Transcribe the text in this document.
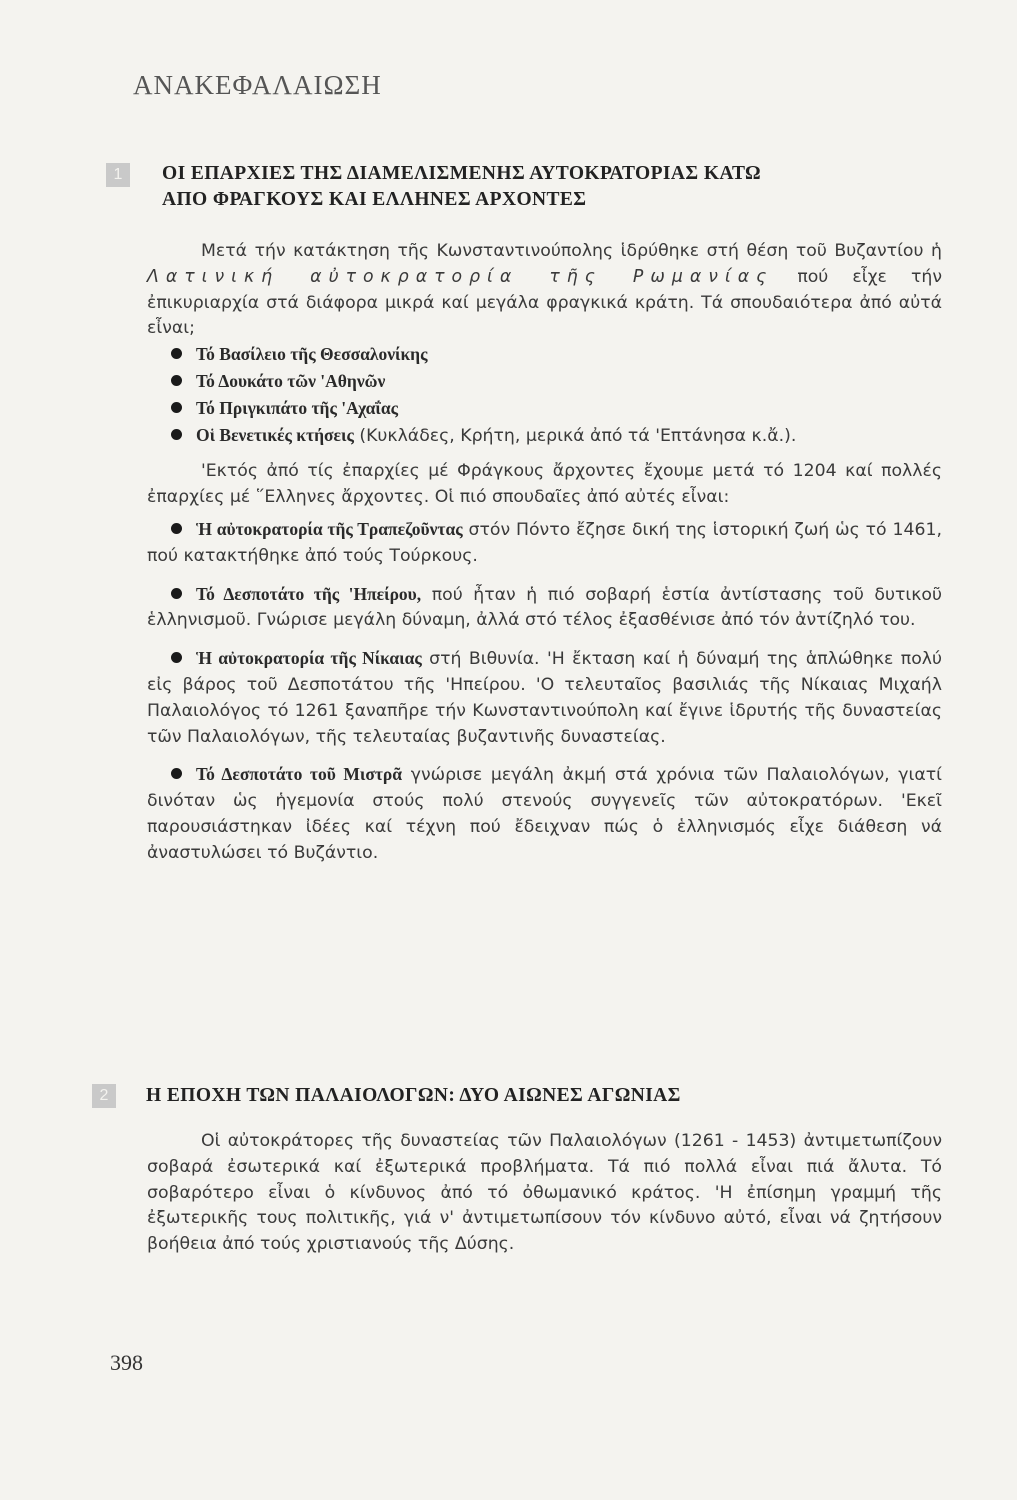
ΑΝΑΚΕΦΑΛΑΙΩΣΗ
1	ΟΙ ΕΠΑΡΧΙΕΣ ΤΗΣ ΔΙΑΜΕΛΙΣΜΕΝΗΣ ΑΥΤΟΚΡΑΤΟΡΙΑΣ ΚΑΤΩ
ΑΠΟ ΦΡΑΓΚΟΥΣ ΚΑΙ ΕΛΛΗΝΕΣ ΑΡΧΟΝΤΕΣ

Μετά τήν κατάκτηση τῆς Κωνσταντινούπολης ἱδρύθηκε στή θέση τοῦ Βυζαντίου ἡ Λατινική αὐτοκρατορία τῆς Ρωμανίας πού εἶχε τήν ἐπικυριαρχία στά διάφορα μικρά καί μεγάλα φραγκικά κράτη. Τά σπουδαιότερα ἀπό αὐτά εἶναι;

Τό Βασίλειο τῆς Θεσσαλονίκης

Τό Δουκάτο τῶν 'Αθηνῶν

Τό Πριγκιπάτο τῆς 'Αχαΐας

Οἱ Βενετικές κτήσεις (Κυκλάδες, Κρήτη, μερικά ἀπό τά 'Επτάνησα κ.ἄ.).

'Εκτός ἀπό τίς ἐπαρχίες μέ Φράγκους ἄρχοντες ἔχουμε μετά τό 1204 καί πολλές ἐπαρχίες μέ ῞Ελληνες ἄρχοντες. Οἱ πιό σπουδαῖες ἀπό αὐτές εἶναι:

Ἡ αὐτοκρατορία τῆς Τραπεζοῦντας στόν Πόντο ἔζησε δική της ἱστορική ζωή ὡς τό 1461, πού κατακτήθηκε ἀπό τούς Τούρκους.

Τό Δεσποτάτο τῆς 'Ηπείρου, πού ἦταν ἡ πιό σοβαρή ἑστία ἀντίστασης τοῦ δυτικοῦ ἑλληνισμοῦ. Γνώρισε μεγάλη δύναμη, ἀλλά στό τέλος ἐξασθένισε ἀπό τόν ἀντίζηλό του.

Ἡ αὐτοκρατορία τῆς Νίκαιας στή Βιθυνία. 'Η ἔκταση καί ἡ δύναμή της ἁπλώθηκε πολύ εἰς βάρος τοῦ Δεσποτάτου τῆς 'Ηπείρου. 'Ο τελευταῖος βασιλιάς τῆς Νίκαιας Μιχαήλ Παλαιολόγος τό 1261 ξαναπῆρε τήν Κωνσταντινούπολη καί ἔγινε ἱδρυτής τῆς δυναστείας τῶν Παλαιολόγων, τῆς τελευταίας βυζαντινῆς δυναστείας.

Τό Δεσποτάτο τοῦ Μιστρᾶ γνώρισε μεγάλη ἀκμή στά χρόνια τῶν Παλαιολόγων, γιατί δινόταν ὡς ἡγεμονία στούς πολύ στενούς συγγενεῖς τῶν αὐτοκρατόρων. 'Εκεῖ παρουσιάστηκαν ἰδέες καί τέχνη πού ἔδειχναν πώς ὁ ἑλληνισμός εἶχε διάθεση νά ἀναστυλώσει τό Βυζάντιο.

2	Η ΕΠΟΧΗ ΤΩΝ ΠΑΛΑΙΟΛΟΓΩΝ: ΔΥΟ ΑΙΩΝΕΣ ΑΓΩΝΙΑΣ

Οἱ αὐτοκράτορες τῆς δυναστείας τῶν Παλαιολόγων (1261 - 1453) ἀντιμετωπίζουν σοβαρά ἐσωτερικά καί ἐξωτερικά προβλήματα. Τά πιό πολλά εἶναι πιά ἄλυτα. Τό σοβαρότερο εἶναι ὁ κίνδυνος ἀπό τό ὀθωμανικό κράτος. 'Η ἐπίσημη γραμμή τῆς ἐξωτερικῆς τους πολιτικῆς, γιά ν' ἀντιμετωπίσουν τόν κίνδυνο αὐτό, εἶναι νά ζητήσουν βοήθεια ἀπό τούς χριστιανούς τῆς Δύσης.

398
